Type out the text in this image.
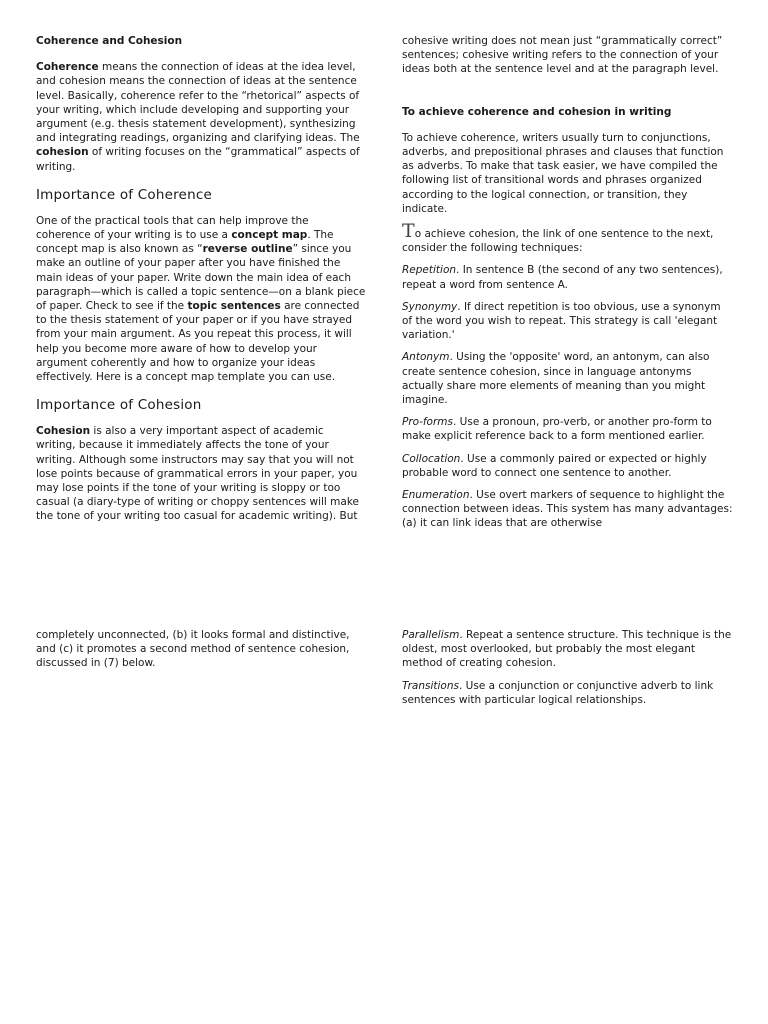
Coherence and Cohesion

Coherence means the connection of ideas at the idea level, and cohesion means the connection of ideas at the sentence level. Basically, coherence refer to the “rhetorical” aspects of your writing, which include developing and supporting your argument (e.g. thesis statement development), synthesizing and integrating readings, organizing and clarifying ideas. The cohesion of writing focuses on the “grammatical” aspects of writing.

Importance of Coherence

One of the practical tools that can help improve the coherence of your writing is to use a concept map. The concept map is also known as “reverse outline” since you make an outline of your paper after you have finished the main ideas of your paper. Write down the main idea of each paragraph—which is called a topic sentence—on a blank piece of paper. Check to see if the topic sentences are connected to the thesis statement of your paper or if you have strayed from your main argument. As you repeat this process, it will help you become more aware of how to develop your argument coherently and how to organize your ideas effectively. Here is a concept map template you can use.

Importance of Cohesion

Cohesion is also a very important aspect of academic writing, because it immediately affects the tone of your writing. Although some instructors may say that you will not lose points because of grammatical errors in your paper, you may lose points if the tone of your writing is sloppy or too casual (a diary-type of writing or choppy sentences will make the tone of your writing too casual for academic writing). But

cohesive writing does not mean just “grammatically correct” sentences; cohesive writing refers to the connection of your ideas both at the sentence level and at the paragraph level.

To achieve coherence and cohesion in writing

To achieve coherence, writers usually turn to conjunctions, adverbs, and prepositional phrases and clauses that function as adverbs. To make that task easier, we have compiled the following list of transitional words and phrases organized according to the logical connection, or transition, they indicate.

To achieve cohesion, the link of one sentence to the next, consider the following techniques:

Repetition. In sentence B (the second of any two sentences), repeat a word from sentence A.

Synonymy. If direct repetition is too obvious, use a synonym of the word you wish to repeat. This strategy is call 'elegant variation.'

Antonym. Using the 'opposite' word, an antonym, can also create sentence cohesion, since in language antonyms actually share more elements of meaning than you might imagine.

Pro-forms. Use a pronoun, pro-verb, or another pro-form to make explicit reference back to a form mentioned earlier.

Collocation. Use a commonly paired or expected or highly probable word to connect one sentence to another.

Enumeration. Use overt markers of sequence to highlight the connection between ideas. This system has many advantages: (a) it can link ideas that are otherwise

completely unconnected, (b) it looks formal and distinctive, and (c) it promotes a second method of sentence cohesion, discussed in (7) below.

Parallelism. Repeat a sentence structure. This technique is the oldest, most overlooked, but probably the most elegant method of creating cohesion.

Transitions. Use a conjunction or conjunctive adverb to link sentences with particular logical relationships.
